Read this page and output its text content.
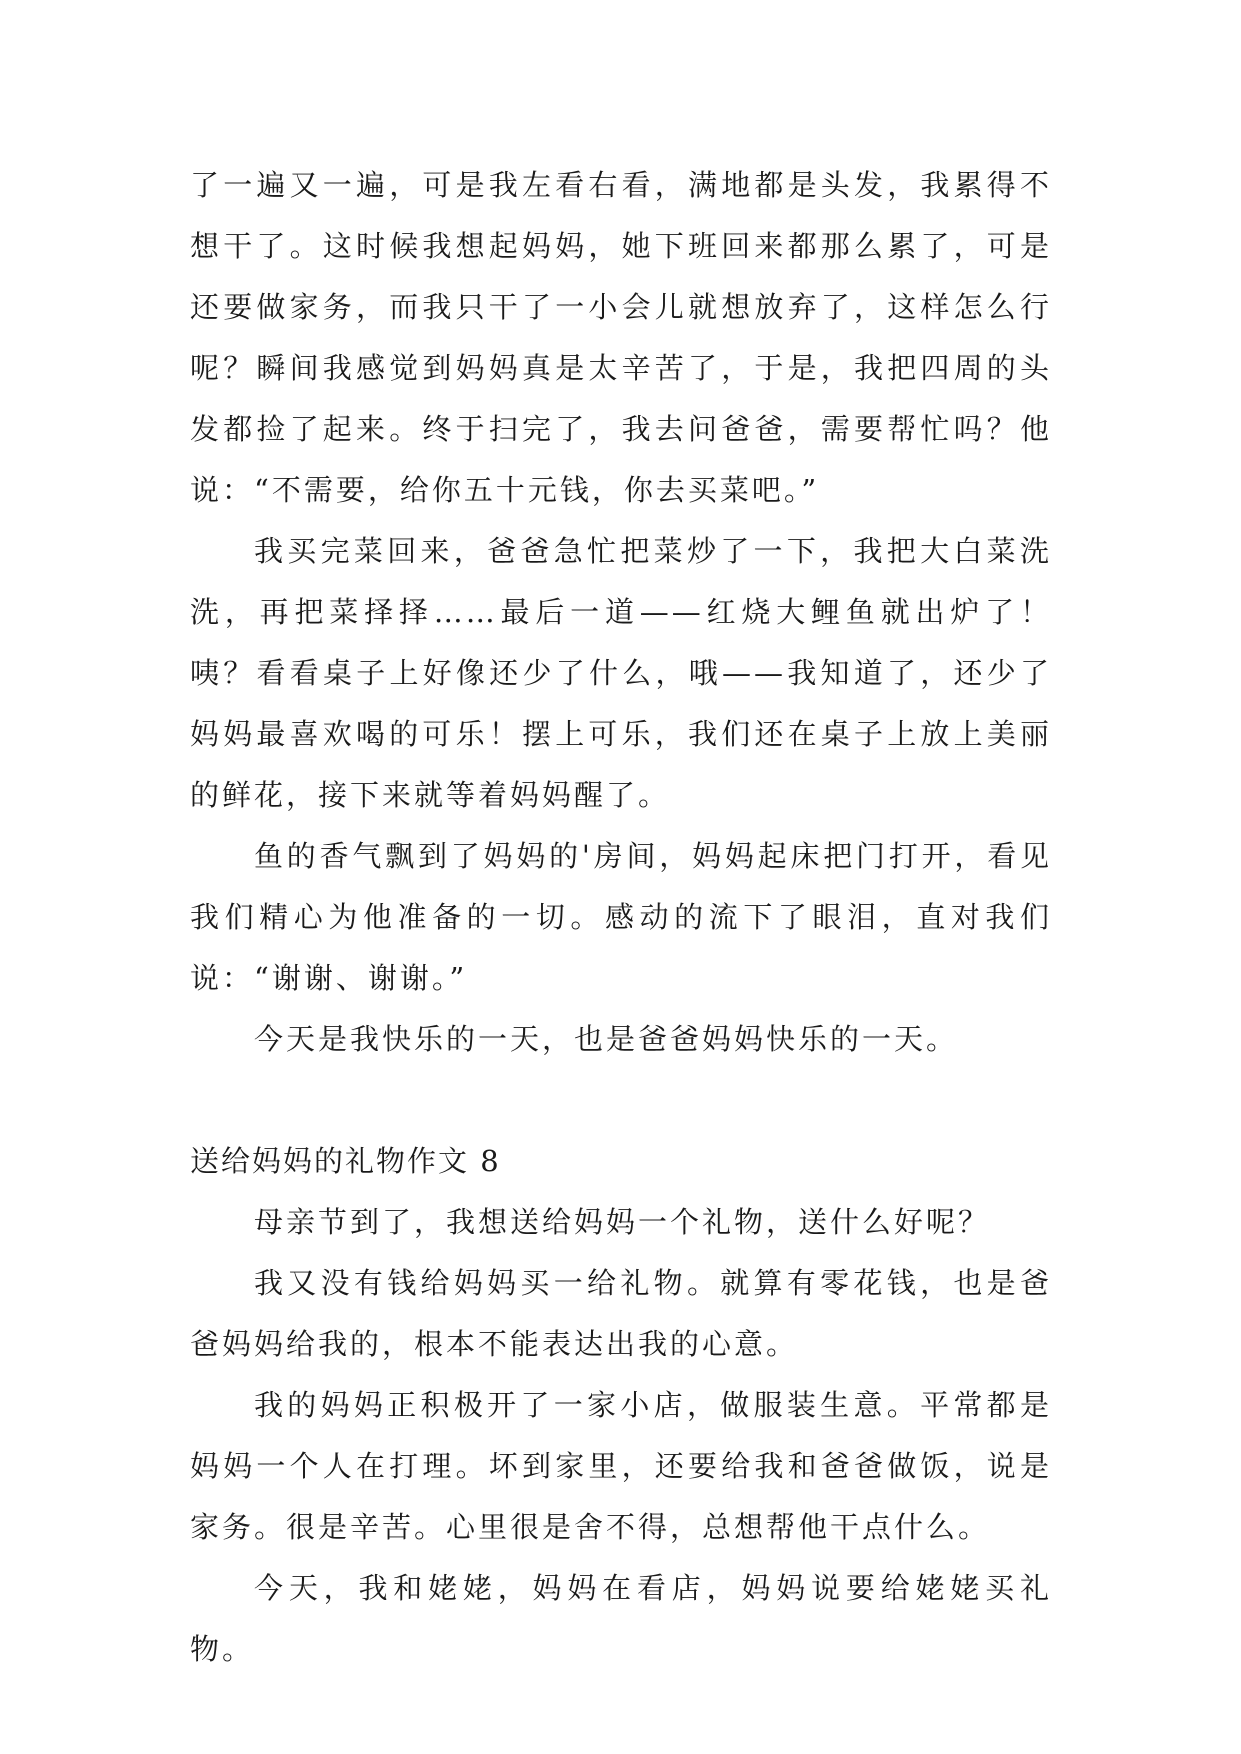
了一遍又一遍，可是我左看右看，满地都是头发，我累得不想干了。这时候我想起妈妈，她下班回来都那么累了，可是还要做家务，而我只干了一小会儿就想放弃了，这样怎么行呢？瞬间我感觉到妈妈真是太辛苦了，于是，我把四周的头发都捡了起来。终于扫完了，我去问爸爸，需要帮忙吗？他说：“不需要，给你五十元钱，你去买菜吧。”

我买完菜回来，爸爸急忙把菜炒了一下，我把大白菜洗洗，再把菜择择……最后一道——红烧大鲤鱼就出炉了！咦？看看桌子上好像还少了什么，哦——我知道了，还少了妈妈最喜欢喝的可乐！摆上可乐，我们还在桌子上放上美丽的鲜花，接下来就等着妈妈醒了。

鱼的香气飘到了妈妈的'房间，妈妈起床把门打开，看见我们精心为他准备的一切。感动的流下了眼泪，直对我们说：“谢谢、谢谢。”

今天是我快乐的一天，也是爸爸妈妈快乐的一天。

送给妈妈的礼物作文 8

母亲节到了，我想送给妈妈一个礼物，送什么好呢？

我又没有钱给妈妈买一给礼物。就算有零花钱，也是爸爸妈妈给我的，根本不能表达出我的心意。

我的妈妈正积极开了一家小店，做服装生意。平常都是妈妈一个人在打理。坏到家里，还要给我和爸爸做饭，说是家务。很是辛苦。心里很是舍不得，总想帮他干点什么。

今天，我和姥姥，妈妈在看店，妈妈说要给姥姥买礼物。
